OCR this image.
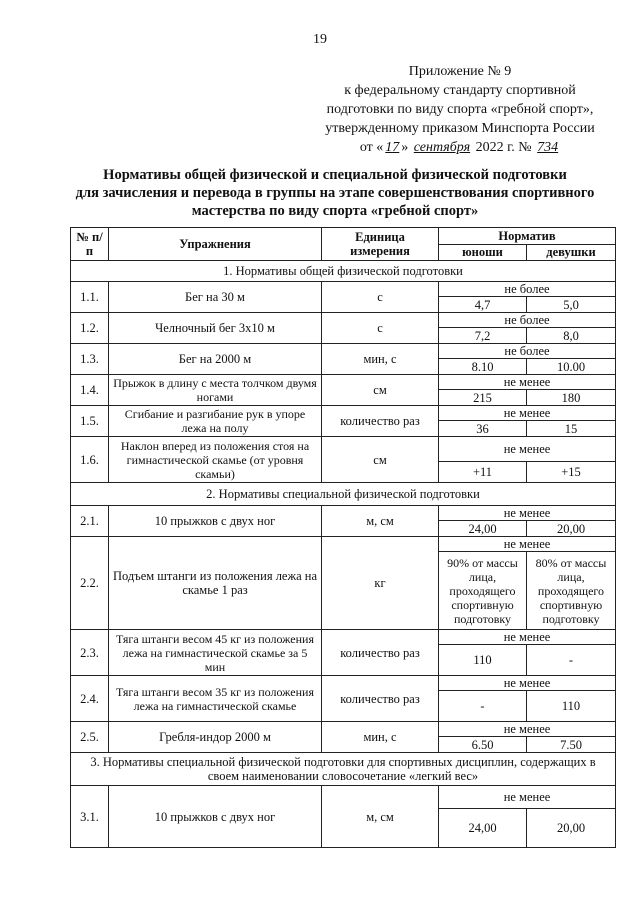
19
Приложение № 9
к федеральному стандарту спортивной
подготовки по виду спорта «гребной спорт»,
утвержденному приказом Минспорта России
от « 17 » сентября 2022 г. № 734
Нормативы общей физической и специальной физической подготовки
для зачисления и перевода в группы на этапе совершенствования спортивного
мастерства по виду спорта «гребной спорт»
№ п/п	Упражнения	Единица измерения	Норматив	
			юноши	девушки
1. Нормативы общей физической подготовки				
1.1.	Бег на 30 м	с	не более	
			4,7	5,0
1.2.	Челночный бег 3х10 м	с	не более	
			7,2	8,0
1.3.	Бег на 2000 м	мин, с	не более	
			8.10	10.00
1.4.	Прыжок в длину с места толчком двумя ногами	см	не менее	
			215	180
1.5.	Сгибание и разгибание рук в упоре лежа на полу	количество раз	не менее	
			36	15
1.6.	Наклон вперед из положения стоя на гимнастической скамье (от уровня скамьи)	см	не менее	
			+11	+15
2. Нормативы специальной физической подготовки				
2.1.	10 прыжков с двух ног	м, см	не менее	
			24,00	20,00
2.2.	Подъем штанги из положения лежа на скамье 1 раз	кг	не менее	
			90% от массы лица, проходящего спортивную подготовку	80% от массы лица, проходящего спортивную подготовку
2.3.	Тяга штанги весом 45 кг из положения лежа на гимнастической скамье за 5 мин	количество раз	не менее	
			110	-
2.4.	Тяга штанги весом 35 кг из положения лежа на гимнастической скамье	количество раз	не менее	
			-	110
2.5.	Гребля-индор 2000 м	мин, с	не менее	
			6.50	7.50
3. Нормативы специальной физической подготовки для спортивных дисциплин, содержащих в своем наименовании словосочетание «легкий вес»				
3.1.	10 прыжков с двух ног	м, см	не менее	
			24,00	20,00
